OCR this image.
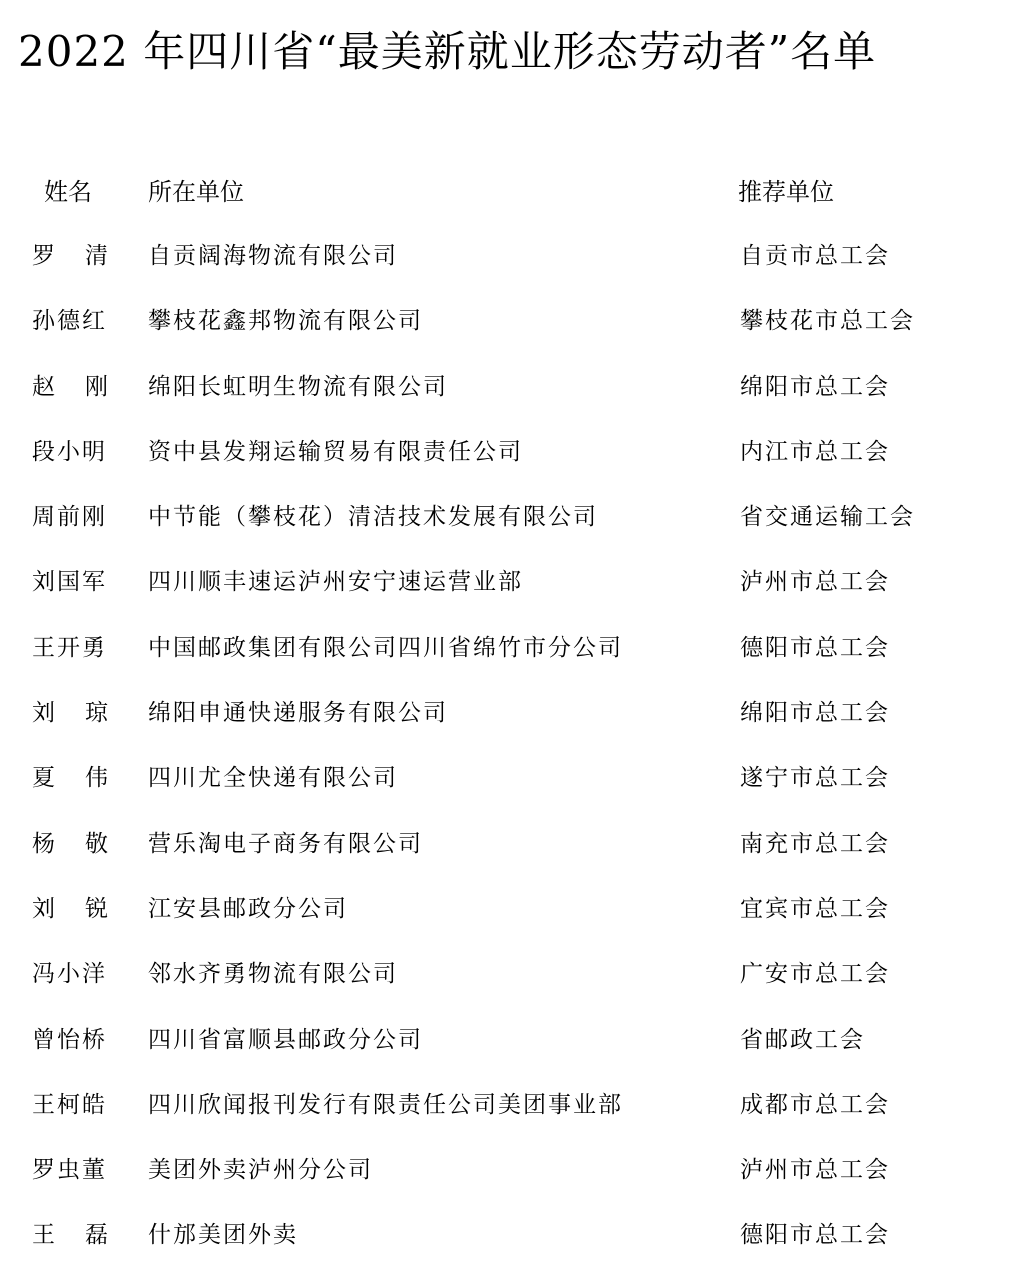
2022 年四川省“最美新就业形态劳动者”名单
姓名 所在单位	推荐单位
罗 清 自贡阔海物流有限公司	自贡市总工会
孙德红 攀枝花鑫邦物流有限公司	攀枝花市总工会
赵 刚 绵阳长虹明生物流有限公司	绵阳市总工会
段小明 资中县发翔运输贸易有限责任公司	内江市总工会
周前刚 中节能（攀枝花）清洁技术发展有限公司	省交通运输工会
刘国军 四川顺丰速运泸州安宁速运营业部	泸州市总工会
王开勇 中国邮政集团有限公司四川省绵竹市分公司	德阳市总工会
刘 琼 绵阳申通快递服务有限公司	绵阳市总工会
夏 伟 四川尤全快递有限公司	遂宁市总工会
杨 敬 营乐淘电子商务有限公司	南充市总工会
刘 锐 江安县邮政分公司	宜宾市总工会
冯小洋 邻水齐勇物流有限公司	广安市总工会
曾怡桥 四川省富顺县邮政分公司	省邮政工会
王柯皓 四川欣闻报刊发行有限责任公司美团事业部	成都市总工会
罗虫董 美团外卖泸州分公司	泸州市总工会
王 磊 什邡美团外卖	德阳市总工会
